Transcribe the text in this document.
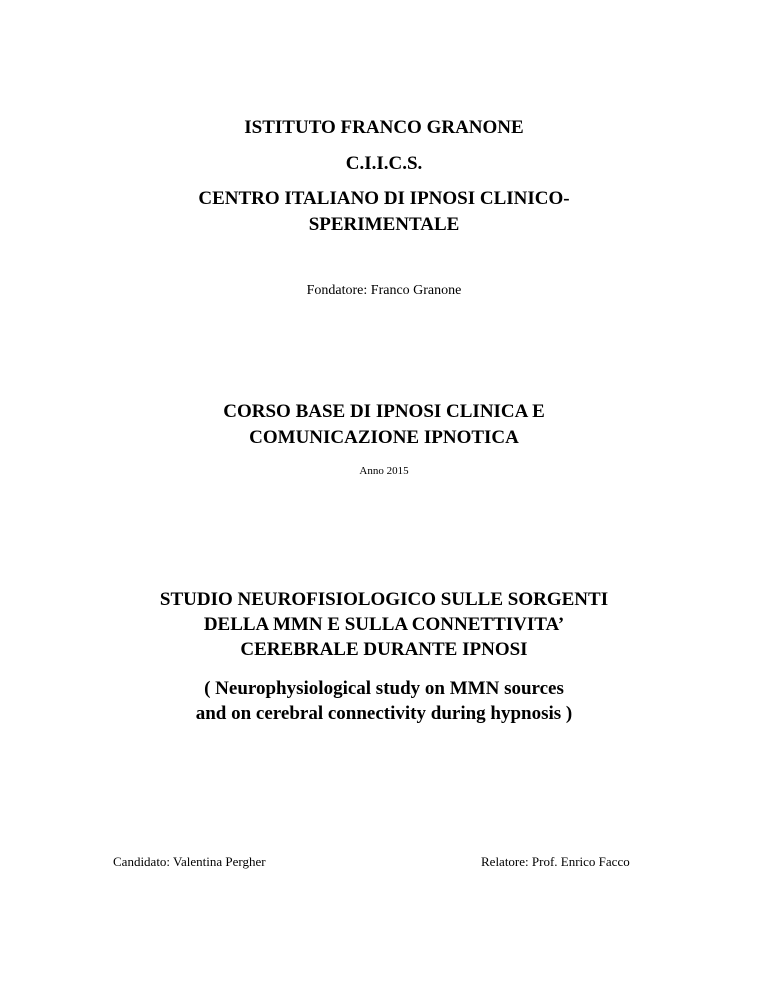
ISTITUTO FRANCO GRANONE
C.I.I.C.S.
CENTRO ITALIANO DI IPNOSI CLINICO-
SPERIMENTALE
Fondatore: Franco Granone
CORSO BASE DI IPNOSI CLINICA E
COMUNICAZIONE IPNOTICA
Anno 2015
STUDIO NEUROFISIOLOGICO SULLE SORGENTI
DELLA MMN E SULLA CONNETTIVITA’
CEREBRALE DURANTE IPNOSI
( Neurophysiological study on MMN sources
and on cerebral connectivity during hypnosis )
Candidato: Valentina Pergher	Relatore: Prof. Enrico Facco
